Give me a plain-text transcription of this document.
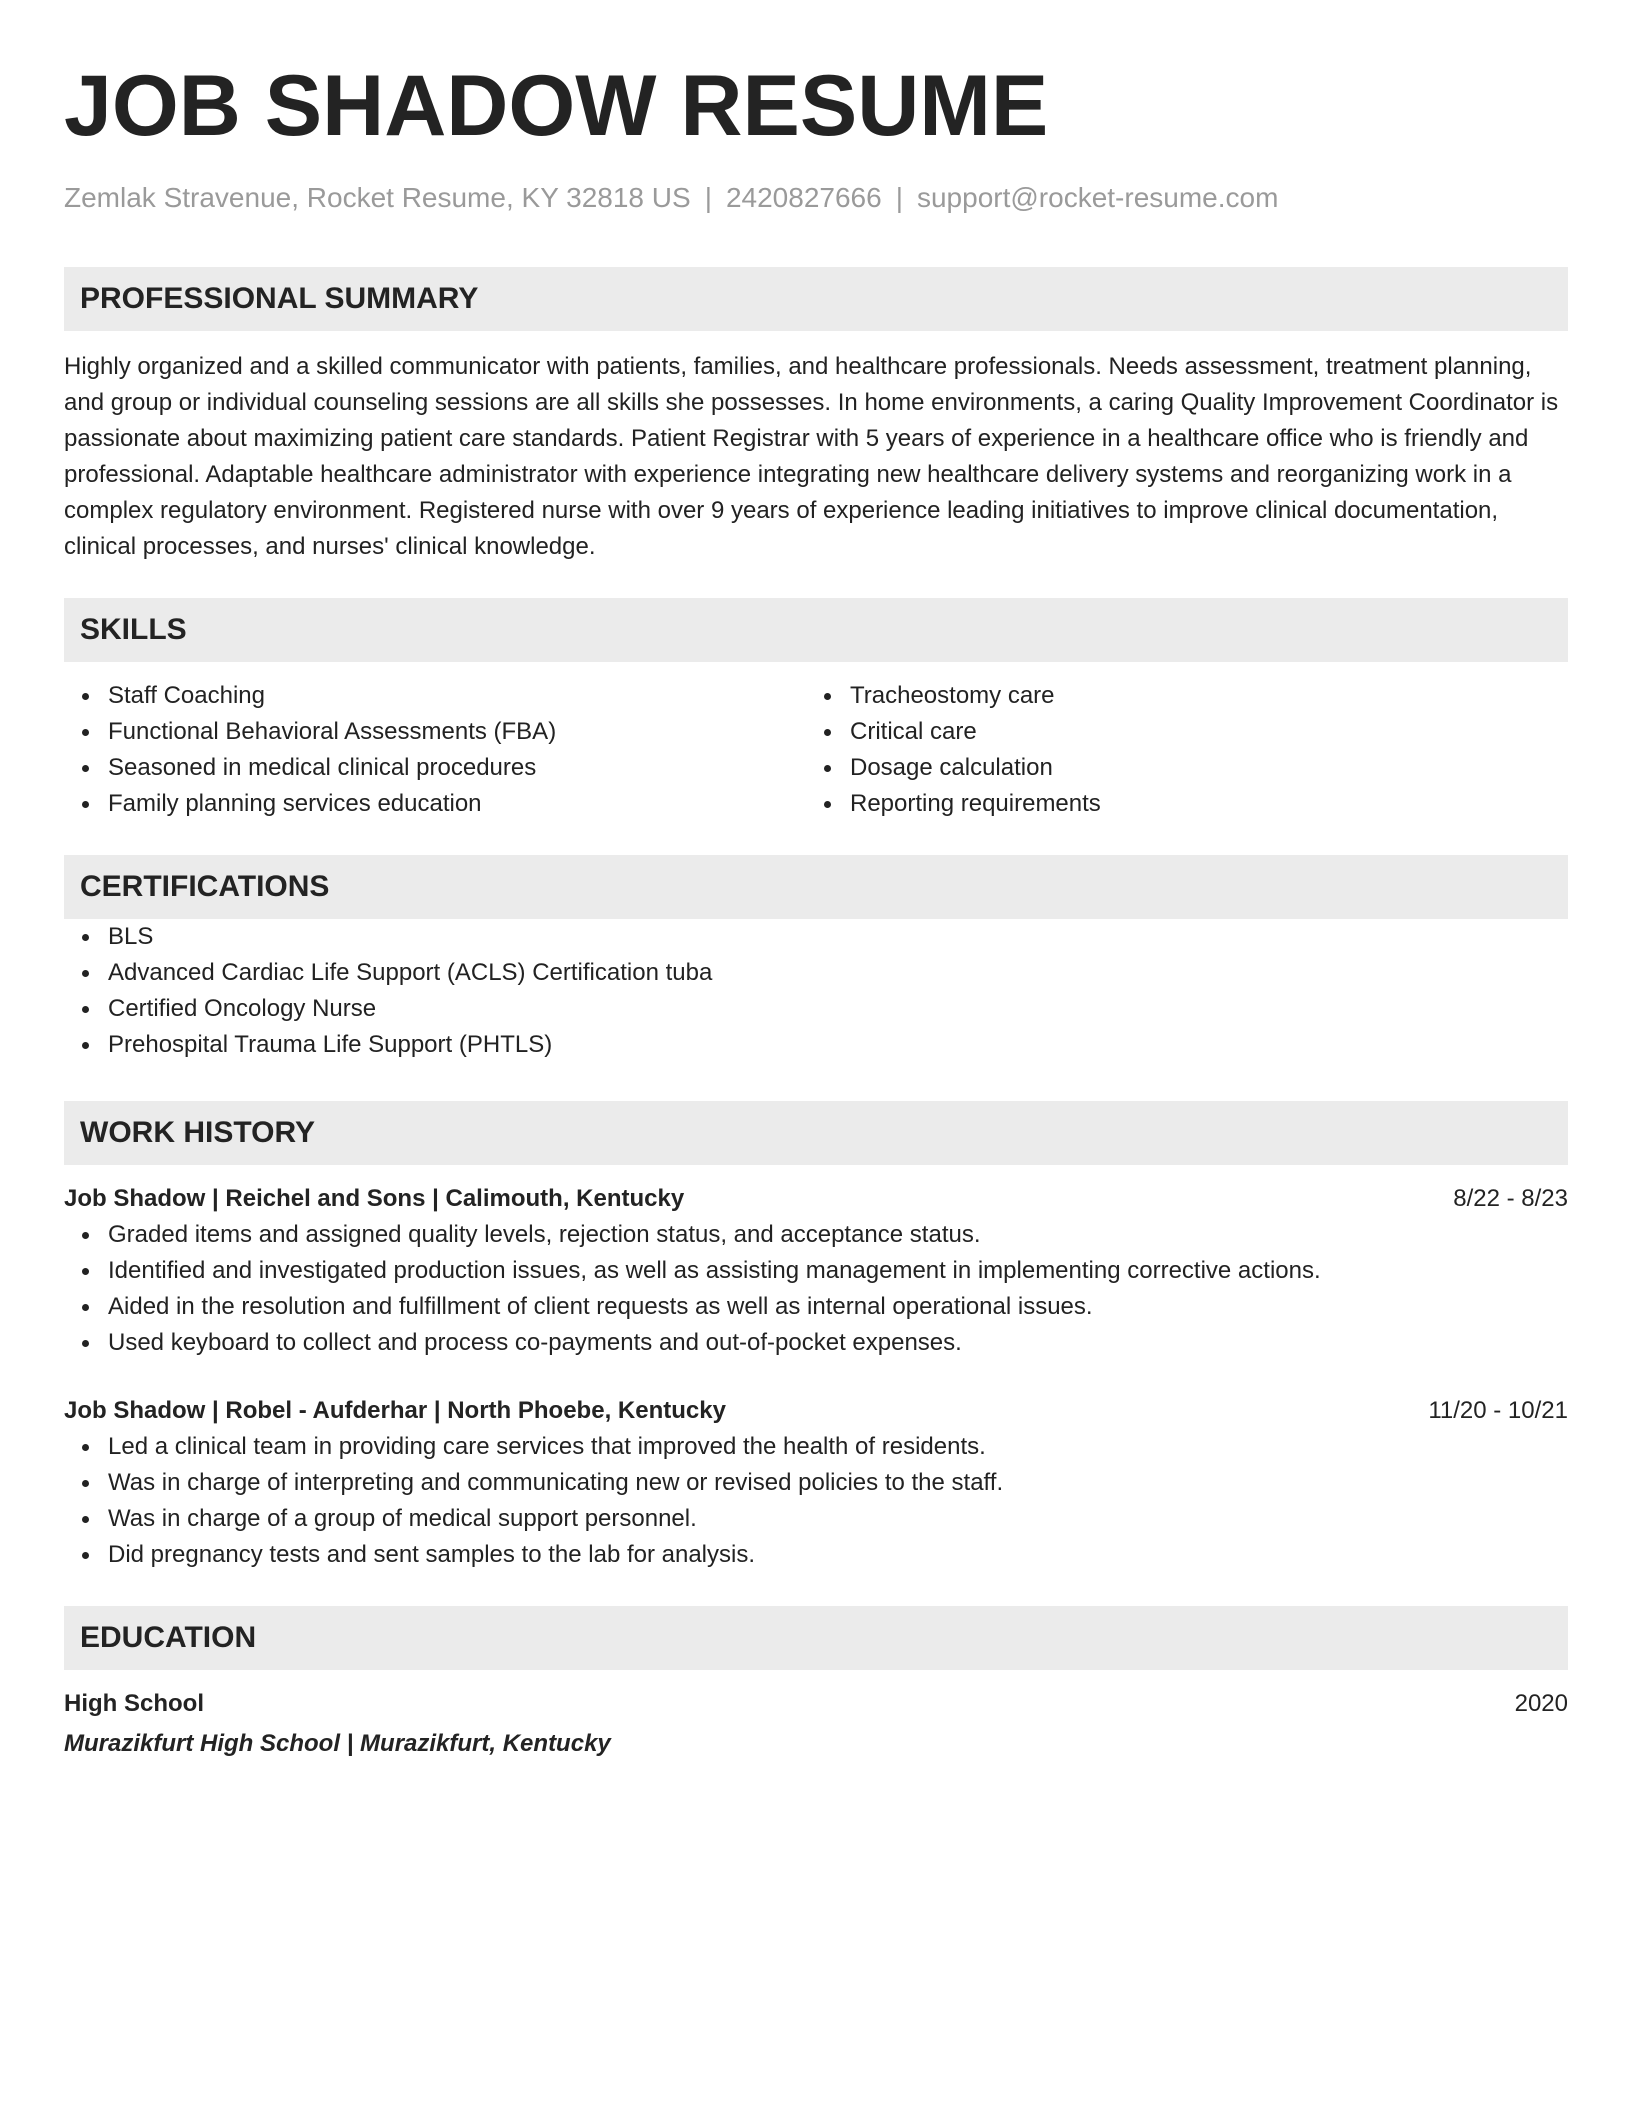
JOB SHADOW RESUME
Zemlak Stravenue, Rocket Resume, KY 32818 US | 2420827666 | support@rocket-resume.com
PROFESSIONAL SUMMARY

Highly organized and a skilled communicator with patients, families, and healthcare professionals. Needs assessment, treatment planning, and group or individual counseling sessions are all skills she possesses. In home environments, a caring Quality Improvement Coordinator is passionate about maximizing patient care standards. Patient Registrar with 5 years of experience in a healthcare office who is friendly and professional. Adaptable healthcare administrator with experience integrating new healthcare delivery systems and reorganizing work in a complex regulatory environment. Registered nurse with over 9 years of experience leading initiatives to improve clinical documentation, clinical processes, and nurses' clinical knowledge.

SKILLS
Staff Coaching
Functional Behavioral Assessments (FBA)
Seasoned in medical clinical procedures
Family planning services education
Tracheostomy care
Critical care
Dosage calculation
Reporting requirements
CERTIFICATIONS
BLS
Advanced Cardiac Life Support (ACLS) Certification tuba
Certified Oncology Nurse
Prehospital Trauma Life Support (PHTLS)
WORK HISTORY
Job Shadow | Reichel and Sons | Calimouth, Kentucky	8/22 - 8/23
Graded items and assigned quality levels, rejection status, and acceptance status.
Identified and investigated production issues, as well as assisting management in implementing corrective actions.
Aided in the resolution and fulfillment of client requests as well as internal operational issues.
Used keyboard to collect and process co-payments and out-of-pocket expenses.
Job Shadow | Robel - Aufderhar | North Phoebe, Kentucky	11/20 - 10/21
Led a clinical team in providing care services that improved the health of residents.
Was in charge of interpreting and communicating new or revised policies to the staff.
Was in charge of a group of medical support personnel.
Did pregnancy tests and sent samples to the lab for analysis.
EDUCATION
High School	2020
Murazikfurt High School | Murazikfurt, Kentucky
